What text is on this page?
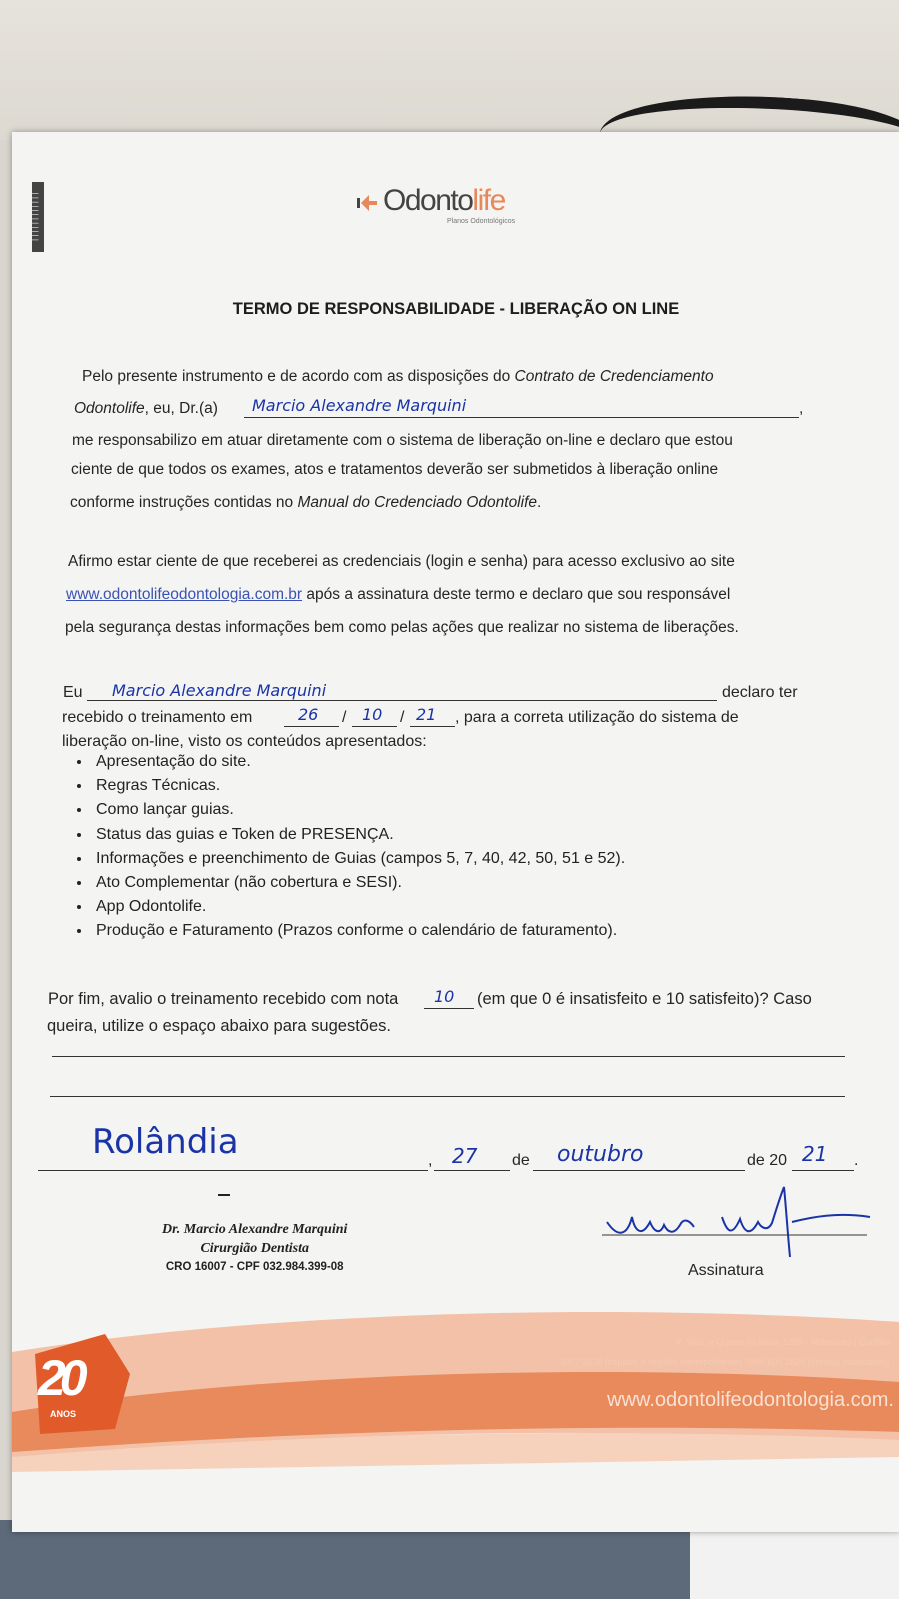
||||||||||||	Odontolife
Planos Odontológicos
TERMO DE RESPONSABILIDADE - LIBERAÇÃO ON LINE
Pelo presente instrumento e de acordo com as disposições do Contrato de Credenciamento
Odontolife, eu, Dr.(a)	,
Marcio Alexandre Marquini
me responsabilizo em atuar diretamente com o sistema de liberação on-line e declaro que estou
ciente de que todos os exames, atos e tratamentos deverão ser submetidos à liberação online
conforme instruções contidas no Manual do Credenciado Odontolife.
Afirmo estar ciente de que receberei as credenciais (login e senha) para acesso exclusivo ao site
www.odontolifeodontologia.com.br após a assinatura deste termo e declaro que sou responsável
pela segurança destas informações bem como pelas ações que realizar no sistema de liberações.
Eu Marcio Alexandre Marquini	declaro ter
recebido o treinamento em	26 / 10 / 21 , para a correta utilização do sistema de
liberação on-line, visto os conteúdos apresentados:
• Apresentação do site.
• Regras Técnicas.
• Como lançar guias.
• Status das guias e Token de PRESENÇA.
• Informações e preenchimento de Guias (campos 5, 7, 40, 42, 50, 51 e 52).
• Ato Complementar (não cobertura e SESI).
• App Odontolife.
• Produção e Faturamento (Prazos conforme o calendário de faturamento).
Por fim, avalio o treinamento recebido com nota 10 (em que 0 é insatisfeito e 10 satisfeito)? Caso
queira, utilize o espaço abaixo para sugestões.
Rolândia	, 27 de outubro	de 20 21 .
Dr. Marcio Alexandre Marquini
Cirurgião Dentista
CRO 16007 - CPF 032.984.399-08	Assinatura
20
ANOS
R. Visc. e Quarto de Maio, 1365 - Rebouças | Curitiba
4007 2828 (capitais e regiões metropolitanas) 0800 600 2828 (demais localidades)
www.odontolifeodontologia.com.
